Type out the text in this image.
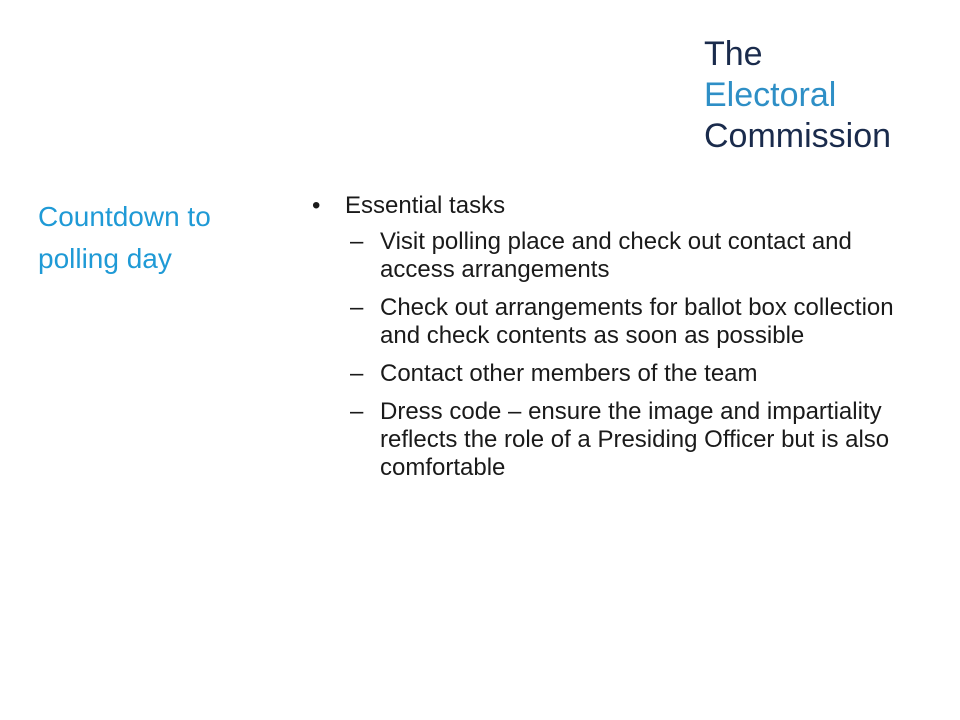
The
Electoral
Commission
Countdown to
polling day
• Essential tasks
– Visit polling place and check out contact and access arrangements
– Check out arrangements for ballot box collection and check contents as soon as possible
– Contact other members of the team
– Dress code – ensure the image and impartiality reflects the role of a Presiding Officer but is also comfortable
